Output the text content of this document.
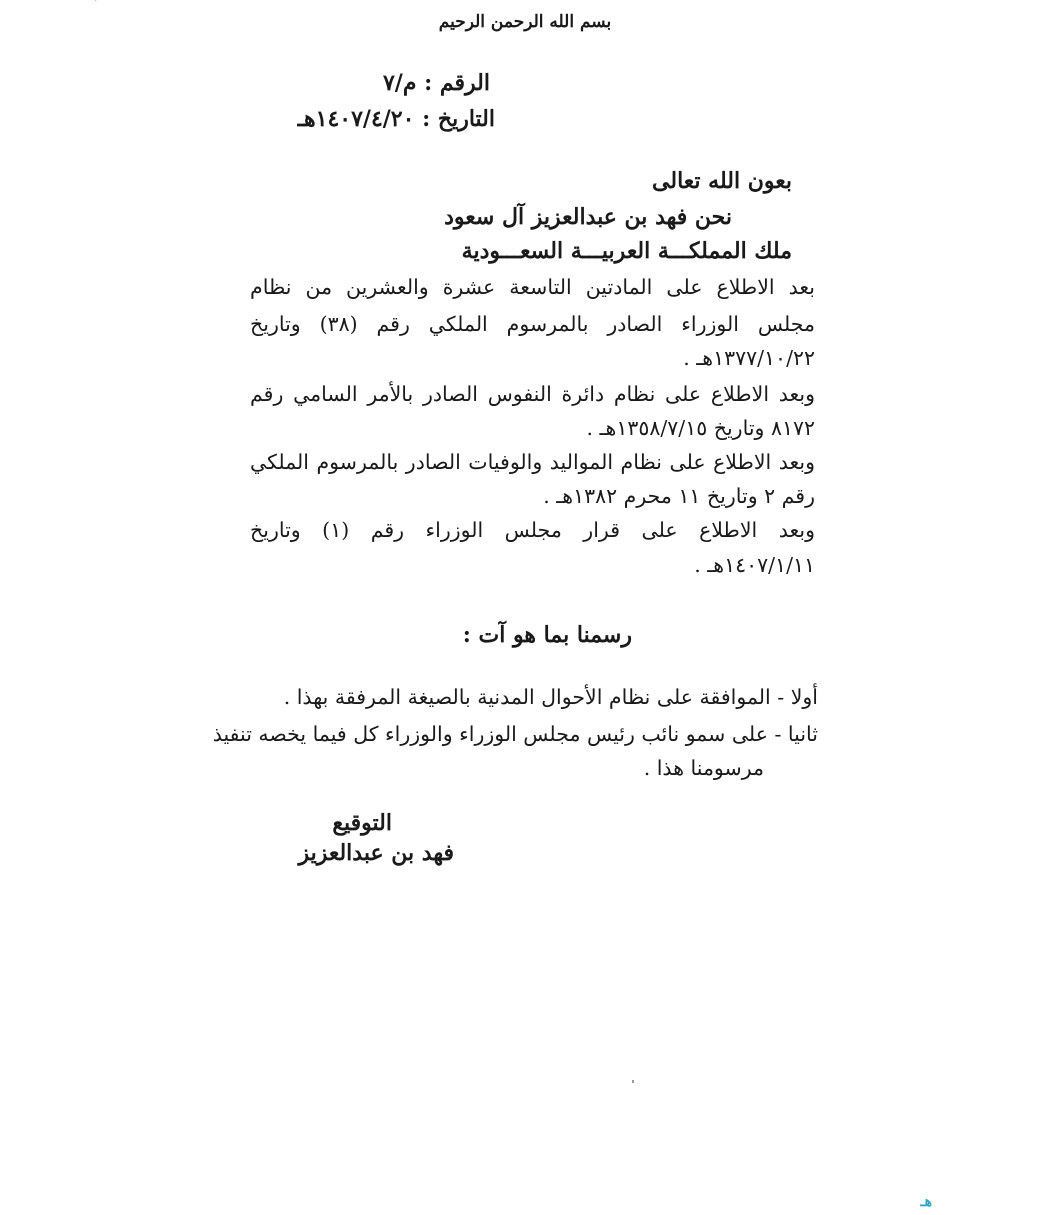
بسم الله الرحمن الرحيم
الرقم : م/٧
التاريخ : ١٤٠٧/٤/٢٠هـ
بعون الله تعالى
نحن فهد بن عبدالعزيز آل سعود
ملك المملكـــة العربيـــة السعـــودية
بعد الاطلاع على المادتين التاسعة عشرة والعشرين من نظام
مجلس الوزراء الصادر بالمرسوم الملكي رقم (٣٨) وتاريخ
١٣٧٧/١٠/٢٢هـ .
وبعد الاطلاع على نظام دائرة النفوس الصادر بالأمر السامي رقم
٨١٧٢ وتاريخ ١٣٥٨/٧/١٥هـ .
وبعد الاطلاع على نظام المواليد والوفيات الصادر بالمرسوم الملكي
رقم ٢ وتاريخ ١١ محرم ١٣٨٢هـ .
وبعد الاطلاع على قرار مجلس الوزراء رقم (١) وتاريخ
١٤٠٧/١/١١هـ .
رسمنا بما هو آت :
أولا - الموافقة على نظام الأحوال المدنية بالصيغة المرفقة بهذا .
ثانيا - على سمو نائب رئيس مجلس الوزراء والوزراء كل فيما يخصه تنفيذ
مرسومنا هذا .
التوقيع
فهد بن عبدالعزيز
هـ
